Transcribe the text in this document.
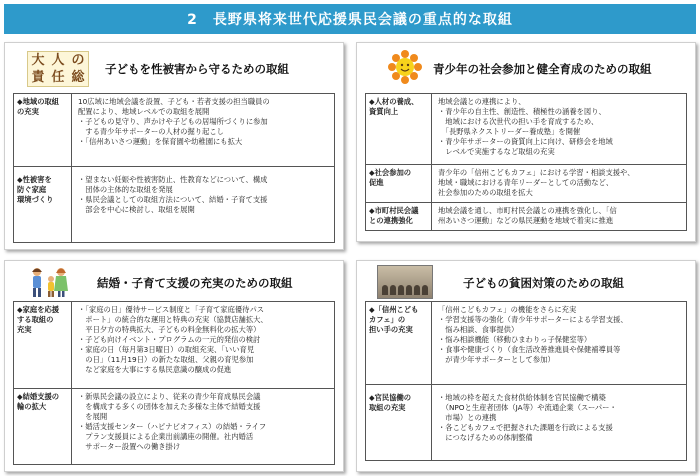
2　長野県将来世代応援県民会議の重点的な取組
大 人 の
責 任 総
子どもを性被害から守るための取組
◆地域の取組
の充実
10広域に地域会議を設置、子ども・若者支援の担当職員の
配置により、地域レベルでの取組を展開
・子どもの見守り、声かけや子どもの居場所づくりに参加
　する青少年サポーターの人材の掘り起こし
・「信州あいさつ運動」を保育園や幼稚園にも拡大
◆性被害を
防ぐ家庭
環境づくり
・望まない妊娠や性被害防止、性教育などについて、構成
　団体の主体的な取組を発展
・県民会議としての取組方法について、結婚・子育て支援
　部会を中心に検討し、取組を展開
青少年の社会参加と健全育成のための取組
◆人材の養成、
資質向上
地域会議との連携により、
・青少年の自主性、創造性、積極性の涵養を図り、
　地域における次世代の担い手を育成するため、
　「長野県ネクストリーダー養成塾」を開催
・青少年サポーターの資質向上に向け、研修会を地域
　レベルで実施するなど取組の充実
◆社会参加の
促進
青少年の「信州こどもカフェ」における学習・相談支援や、
地域・職域における青年リーダーとしての活動など、
社会参加のための取組を拡大
◆市町村民会議
との連携強化
地域会議を通し、市町村民会議との連携を強化し、「信
州あいさつ運動」などの県民運動を地域で着実に推進
結婚・子育て支援の充実のための取組
◆家庭を応援
する取組の
充実
・「家庭の日」優待サービス制度と「子育て家庭優待パス
　ポート」の統合的な運用と特典の充実（協賛店舗拡大、
　平日夕方の特典拡大、子どもの料金無料化の拡大等）
・子ども向けイベント・プログラムの一元的発信の検討
・家庭の日（毎月第3日曜日）の取組充実、「いい育児
　の日」（11月19日）の新たな取組、父親の育児参加
　など家庭を大事にする県民意識の醸成の促進
◆結婚支援の
輪の拡大
・新県民会議の設立により、従来の青少年育成県民会議
　を構成する多くの団体を加えた多様な主体で結婚支援
　を展開
・婚活支援センター（ハピナビオフィス）の結婚・ライフ
　プラン支援員による企業出前講座の開催。社内婚活
　サポーター設置への働き掛け
子どもの貧困対策のための取組
◆「信州こども
カフェ」の
担い手の充実
「信州こどもカフェ」の機能をさらに充実
・学習支援等の強化（青少年サポーターによる学習支援、
　悩み相談、食事提供）
・悩み相談機能（移動ひまわりっ子保健室等）
・食事や健康づくり（食生活改善推進員や保健補導員等
　が青少年サポーターとして参加）
◆官民協働の
取組の充実
・地域の枠を超えた食材供給体制を官民協働で構築
　（NPOと生産者団体（JA等）や流通企業（スーパー・
　市場）との連携
・各こどもカフェで把握された課題を行政による支援
　につなげるための体制整備
